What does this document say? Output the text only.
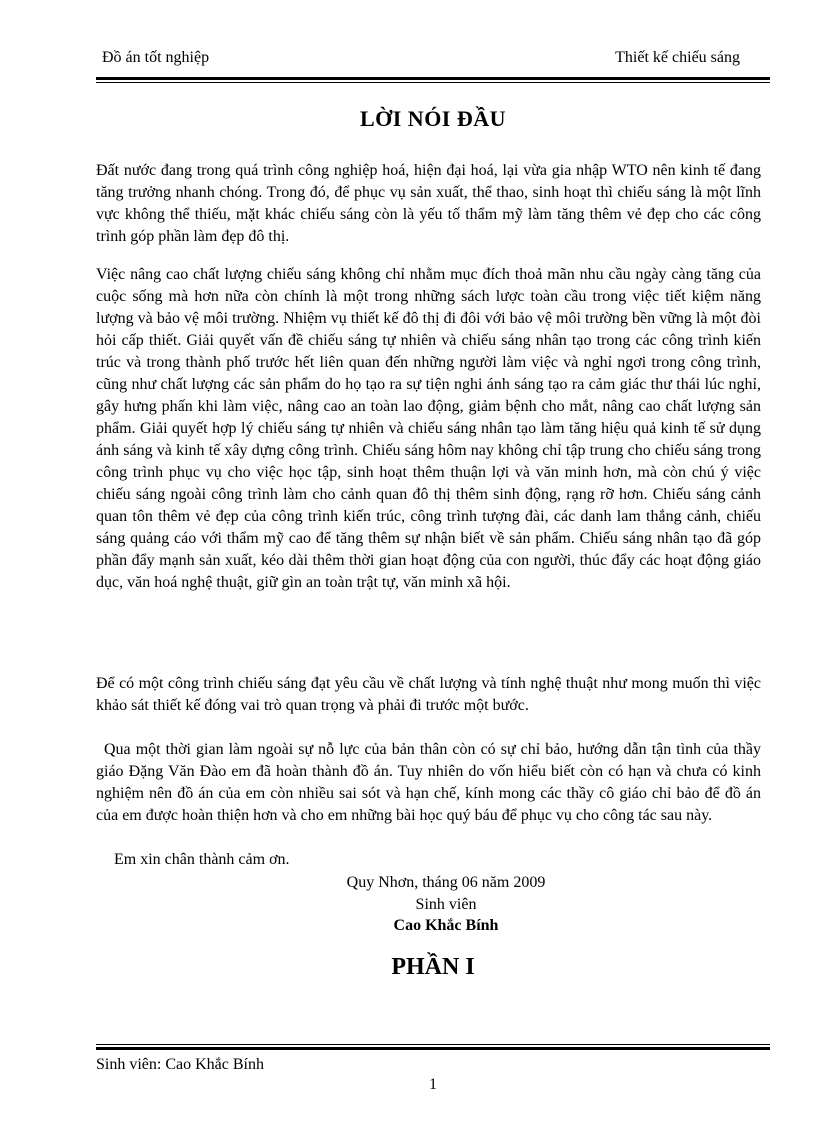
Đồ án tốt nghiệp	Thiết kế chiếu sáng
LỜI NÓI ĐẦU
Đất nước đang trong quá trình công nghiệp hoá, hiện đại hoá, lại vừa gia nhập WTO nên kinh tế đang tăng trưởng nhanh chóng. Trong đó, để phục vụ sản xuất, thể thao, sinh hoạt thì chiếu sáng là một lĩnh vực không thể thiếu, mặt khác chiếu sáng còn là yếu tố thẩm mỹ làm tăng thêm vẻ đẹp cho các công trình góp phần làm đẹp đô thị.
Việc nâng cao chất lượng chiếu sáng không chỉ nhằm mục đích thoả mãn nhu cầu ngày càng tăng của cuộc sống mà hơn nữa còn chính là một trong những sách lược toàn cầu trong việc tiết kiệm năng lượng và bảo vệ môi trường. Nhiệm vụ thiết kế đô thị đi đôi với bảo vệ môi trường bền vững là một đòi hỏi cấp thiết. Giải quyết vấn đề chiếu sáng tự nhiên và chiếu sáng nhân tạo trong các công trình kiến trúc và trong thành phố trước hết liên quan đến những người làm việc và nghỉ ngơi trong công trình, cũng như chất lượng các sản phẩm do họ tạo ra sự tiện nghi ánh sáng tạo ra cảm giác thư thái lúc nghỉ, gây hưng phấn khi làm việc, nâng cao an toàn lao động, giảm bệnh cho mắt, nâng cao chất lượng sản phẩm. Giải quyết hợp lý chiếu sáng tự nhiên và chiếu sáng nhân tạo làm tăng hiệu quả kinh tế sử dụng ánh sáng và kinh tế xây dựng công trình. Chiếu sáng hôm nay không chỉ tập trung cho chiếu sáng trong công trình phục vụ cho việc học tập, sinh hoạt thêm thuận lợi và văn minh hơn, mà còn chú ý việc chiếu sáng ngoài công trình làm cho cảnh quan đô thị thêm sinh động, rạng rỡ hơn. Chiếu sáng cảnh quan tôn thêm vẻ đẹp của công trình kiến trúc, công trình tượng đài, các danh lam thắng cảnh, chiếu sáng quảng cáo với thẩm mỹ cao để tăng thêm sự nhận biết về sản phẩm. Chiếu sáng nhân tạo đã góp phần đẩy mạnh sản xuất, kéo dài thêm thời gian hoạt động của con người, thúc đẩy các hoạt động giáo dục, văn hoá nghệ thuật, giữ gìn an toàn trật tự, văn minh xã hội.
Để có một công trình chiếu sáng đạt yêu cầu về chất lượng và tính nghệ thuật như mong muốn thì việc khảo sát thiết kế đóng vai trò quan trọng và phải đi trước một bước.
Qua một thời gian làm ngoài sự nỗ lực của bản thân còn có sự chỉ bảo, hướng dẫn tận tình của thầy giáo Đặng Văn Đào em đã hoàn thành đồ án. Tuy nhiên do vốn hiểu biết còn có hạn và chưa có kinh nghiệm nên đồ án của em còn nhiều sai sót và hạn chế, kính mong các thầy cô giáo chỉ bảo để đồ án của em được hoàn thiện hơn và cho em những bài học quý báu để phục vụ cho công tác sau này.
Em xin chân thành cảm ơn.
Quy Nhơn, tháng 06 năm 2009
Sinh viên
Cao Khắc Bính
PHẦN I
Sinh viên: Cao Khắc Bính
1
